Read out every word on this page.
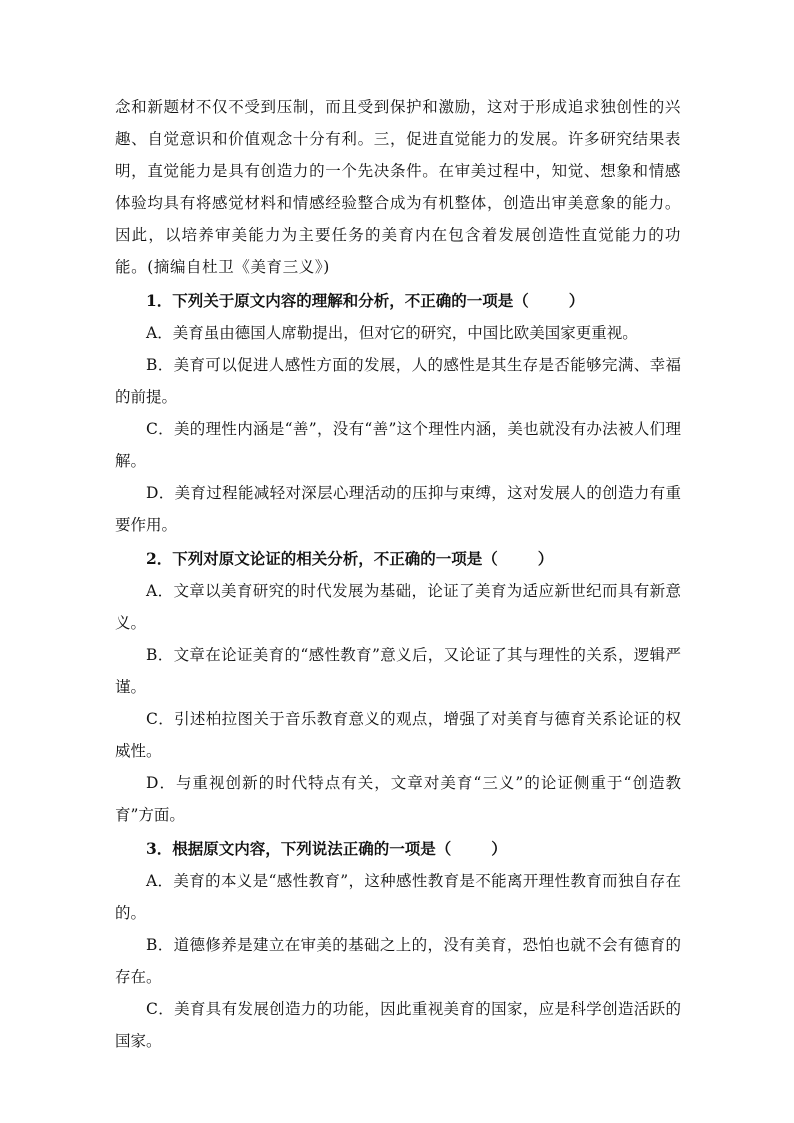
念和新题材不仅不受到压制，而且受到保护和激励，这对于形成追求独创性的兴趣、自觉意识和价值观念十分有利。三，促进直觉能力的发展。许多研究结果表明，直觉能力是具有创造力的一个先决条件。在审美过程中，知觉、想象和情感体验均具有将感觉材料和情感经验整合成为有机整体，创造出审美意象的能力。因此，以培养审美能力为主要任务的美育内在包含着发展创造性直觉能力的功能。(摘编自杜卫《美育三义》)
1．下列关于原文内容的理解和分析，不正确的一项是（	）
A．美育虽由德国人席勒提出，但对它的研究，中国比欧美国家更重视。
B．美育可以促进人感性方面的发展，人的感性是其生存是否能够完满、幸福的前提。
C．美的理性内涵是“善”，没有“善”这个理性内涵，美也就没有办法被人们理解。
D．美育过程能减轻对深层心理活动的压抑与束缚，这对发展人的创造力有重要作用。
2．下列对原文论证的相关分析，不正确的一项是（	）
A．文章以美育研究的时代发展为基础，论证了美育为适应新世纪而具有新意义。
B．文章在论证美育的“感性教育”意义后，又论证了其与理性的关系，逻辑严谨。
C．引述柏拉图关于音乐教育意义的观点，增强了对美育与德育关系论证的权威性。
D．与重视创新的时代特点有关，文章对美育“三义”的论证侧重于“创造教育”方面。
3．根据原文内容，下列说法正确的一项是（	）
A．美育的本义是“感性教育”，这种感性教育是不能离开理性教育而独自存在的。
B．道德修养是建立在审美的基础之上的，没有美育，恐怕也就不会有德育的存在。
C．美育具有发展创造力的功能，因此重视美育的国家，应是科学创造活跃的国家。
